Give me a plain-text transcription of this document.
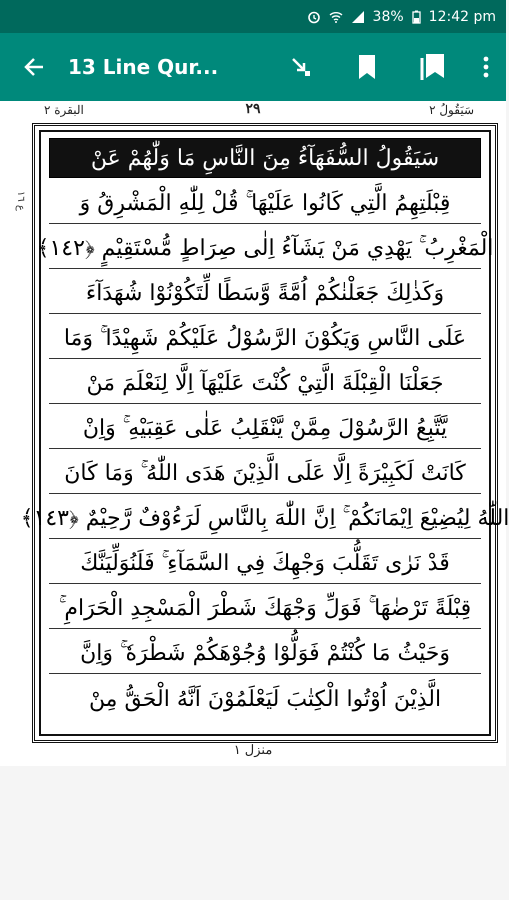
38% 12:42 pm
13 Line Qur...
البقرة ٢	٢٩	سَيَقُولُ ٢
ع ١٦
سَيَقُولُ السُّفَهَآءُ مِنَ النَّاسِ مَا وَلّٰهُمْ عَنْ
قِبْلَتِهِمُ الَّتِي كَانُوا عَلَيْهَا ۚ قُلْ لِلّٰهِ الْمَشْرِقُ وَ
الْمَغْرِبُ ۚ يَهْدِي مَنْ يَشَآءُ اِلٰى صِرَاطٍ مُّسْتَقِيْمٍ ﴿١٤٢﴾
وَكَذٰلِكَ جَعَلْنٰكُمْ اُمَّةً وَّسَطًا لِّتَكُوْنُوْا شُهَدَآءَ
عَلَى النَّاسِ وَيَكُوْنَ الرَّسُوْلُ عَلَيْكُمْ شَهِيْدًا ۚ وَمَا
جَعَلْنَا الْقِبْلَةَ الَّتِيْ كُنْتَ عَلَيْهَآ اِلَّا لِنَعْلَمَ مَنْ
يَّتَّبِعُ الرَّسُوْلَ مِمَّنْ يَّنْقَلِبُ عَلٰى عَقِبَيْهِ ۚ وَاِنْ
كَانَتْ لَكَبِيْرَةً اِلَّا عَلَى الَّذِيْنَ هَدَى اللّٰهُ ۚ وَمَا كَانَ
اللّٰهُ لِيُضِيْعَ اِيْمَانَكُمْ ۚ اِنَّ اللّٰهَ بِالنَّاسِ لَرَءُوْفٌ رَّحِيْمٌ ﴿١٤٣﴾
قَدْ نَرٰى تَقَلُّبَ وَجْهِكَ فِي السَّمَآءِ ۚ فَلَنُوَلِّيَنَّكَ
قِبْلَةً تَرْضٰهَا ۚ فَوَلِّ وَجْهَكَ شَطْرَ الْمَسْجِدِ الْحَرَامِ ۚ
وَحَيْثُ مَا كُنْتُمْ فَوَلُّوْا وُجُوْهَكُمْ شَطْرَهٗ ۚ وَاِنَّ
الَّذِيْنَ اُوْتُوا الْكِتٰبَ لَيَعْلَمُوْنَ اَنَّهُ الْحَقُّ مِنْ
منزل ١
